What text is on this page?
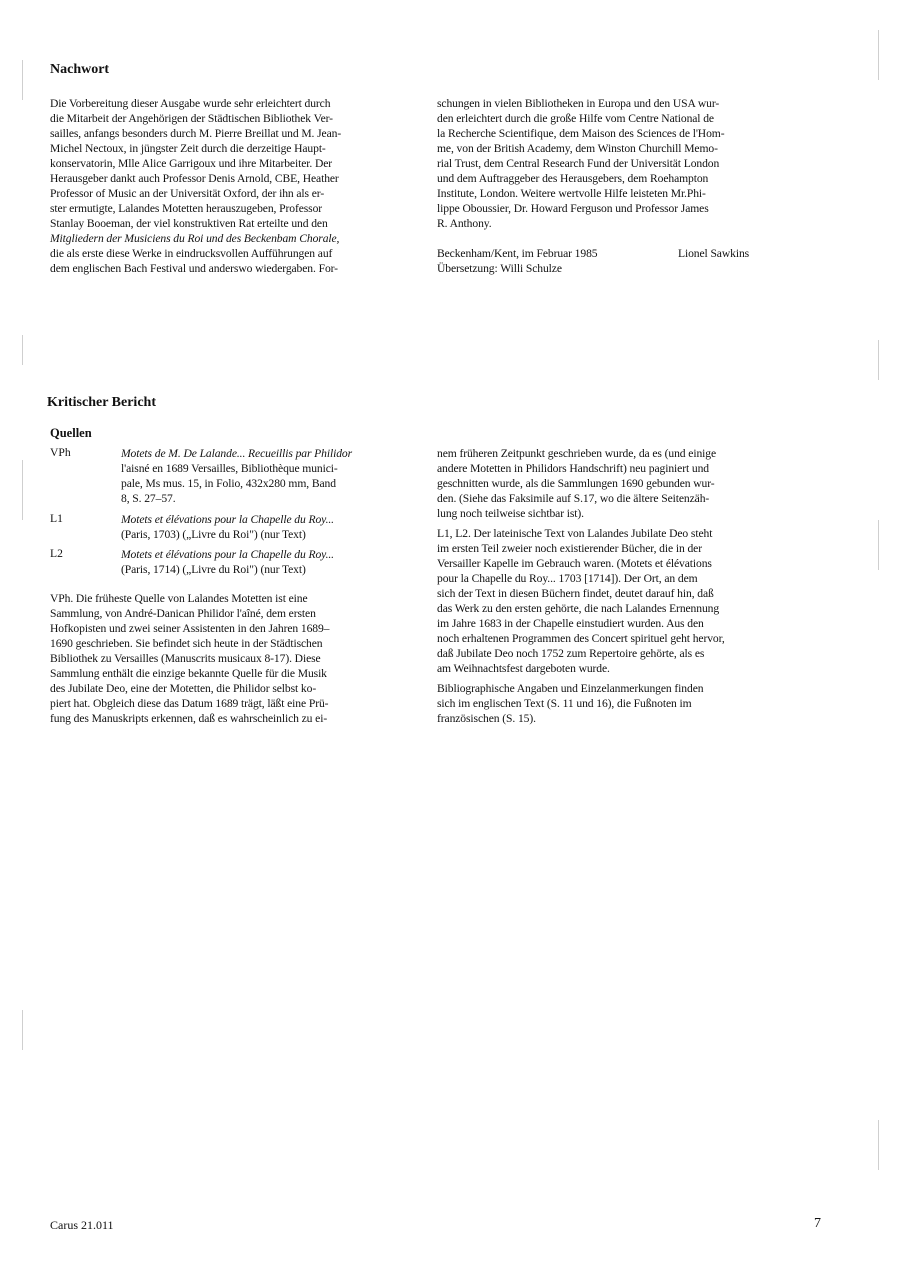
Nachwort
Die Vorbereitung dieser Ausgabe wurde sehr erleichtert durch
die Mitarbeit der Angehörigen der Städtischen Bibliothek Ver-
sailles, anfangs besonders durch M. Pierre Breillat und M. Jean-
Michel Nectoux, in jüngster Zeit durch die derzeitige Haupt-
konservatorin, Mlle Alice Garrigoux und ihre Mitarbeiter. Der
Herausgeber dankt auch Professor Denis Arnold, CBE, Heather
Professor of Music an der Universität Oxford, der ihn als er-
ster ermutigte, Lalandes Motetten herauszugeben, Professor
Stanlay Booeman, der viel konstruktiven Rat erteilte und den
Mitgliedern der Musiciens du Roi und des Beckenbam Chorale,
die als erste diese Werke in eindrucksvollen Aufführungen auf
dem englischen Bach Festival und anderswo wiedergaben. For-
schungen in vielen Bibliotheken in Europa und den USA wur-
den erleichtert durch die große Hilfe vom Centre National de
la Recherche Scientifique, dem Maison des Sciences de l'Hom-
me, von der British Academy, dem Winston Churchill Memo-
rial Trust, dem Central Research Fund der Universität London
und dem Auftraggeber des Herausgebers, dem Roehampton
Institute, London. Weitere wertvolle Hilfe leisteten Mr.Phi-
lippe Oboussier, Dr. Howard Ferguson und Professor James
R. Anthony.
Beckenham/Kent, im Februar 1985	Lionel Sawkins
Übersetzung: Willi Schulze
Kritischer Bericht
Quellen
VPh	Motets de M. De Lalande... Recueillis par Philidor
l'aisné en 1689 Versailles, Bibliothèque munici-
pale, Ms mus. 15, in Folio, 432x280 mm, Band
8, S. 27–57.
L1	Motets et élévations pour la Chapelle du Roy...
(Paris, 1703) („Livre du Roi") (nur Text)
L2	Motets et élévations pour la Chapelle du Roy...
(Paris, 1714) („Livre du Roi") (nur Text)
VPh. Die früheste Quelle von Lalandes Motetten ist eine
Sammlung, von André-Danican Philidor l'aîné, dem ersten
Hofkopisten und zwei seiner Assistenten in den Jahren 1689–
1690 geschrieben. Sie befindet sich heute in der Städtischen
Bibliothek zu Versailles (Manuscrits musicaux 8-17). Diese
Sammlung enthält die einzige bekannte Quelle für die Musik
des Jubilate Deo, eine der Motetten, die Philidor selbst ko-
piert hat. Obgleich diese das Datum 1689 trägt, läßt eine Prü-
fung des Manuskripts erkennen, daß es wahrscheinlich zu ei-
nem früheren Zeitpunkt geschrieben wurde, da es (und einige
andere Motetten in Philidors Handschrift) neu paginiert und
geschnitten wurde, als die Sammlungen 1690 gebunden wur-
den. (Siehe das Faksimile auf S.17, wo die ältere Seitenzäh-
lung noch teilweise sichtbar ist).
L1, L2. Der lateinische Text von Lalandes Jubilate Deo steht
im ersten Teil zweier noch existierender Bücher, die in der
Versailler Kapelle im Gebrauch waren. (Motets et élévations
pour la Chapelle du Roy... 1703 [1714]). Der Ort, an dem
sich der Text in diesen Büchern findet, deutet darauf hin, daß
das Werk zu den ersten gehörte, die nach Lalandes Ernennung
im Jahre 1683 in der Chapelle einstudiert wurden. Aus den
noch erhaltenen Programmen des Concert spirituel geht hervor,
daß Jubilate Deo noch 1752 zum Repertoire gehörte, als es
am Weihnachtsfest dargeboten wurde.
Bibliographische Angaben und Einzelanmerkungen finden
sich im englischen Text (S. 11 und 16), die Fußnoten im
französischen (S. 15).
Carus 21.011	7
